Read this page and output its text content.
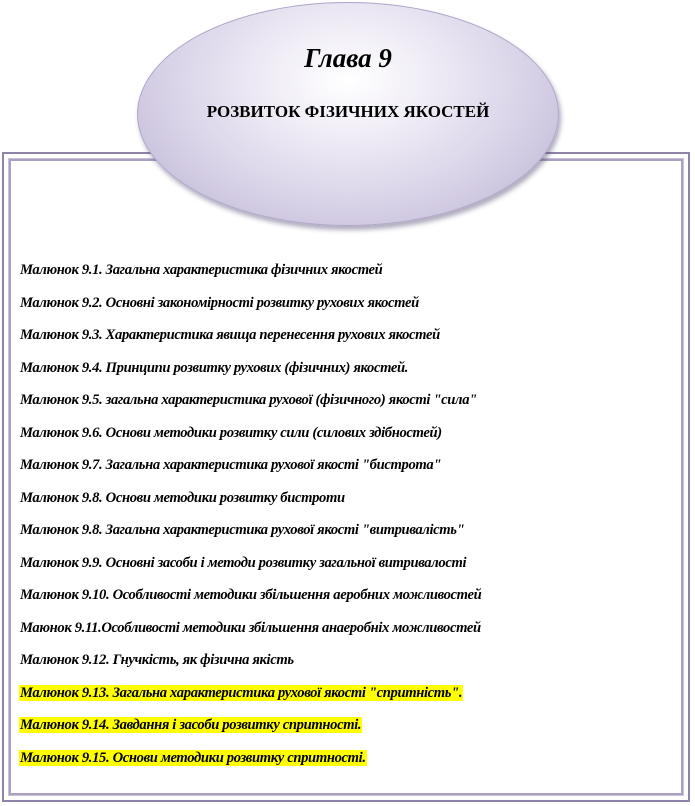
Глава 9
РОЗВИТОК ФІЗИЧНИХ ЯКОСТЕЙ
Малюнок 9.1. Загальна характеристика фізичних якостей
Малюнок 9.2. Основні закономірності розвитку рухових якостей
Малюнок 9.3. Характеристика явища перенесення рухових якостей
Малюнок 9.4. Принципи розвитку рухових (фізичних) якостей.
Малюнок 9.5. загальна характеристика рухової (фізичного) якості "сила"
Малюнок 9.6. Основи методики розвитку сили (силових здібностей)
Малюнок 9.7. Загальна характеристика рухової якості "бистрота"
Малюнок 9.8. Основи методики розвитку бистроти
Малюнок 9.8. Загальна характеристика рухової якості "витривалість"
Малюнок 9.9. Основні засоби і методи розвитку загальної витривалості
Малюнок 9.10. Особливості методики збільшення аеробних можливостей
Маюнок 9.11.Особливості методики збільшення анаеробніх можливостей
Малюнок 9.12. Гнучкість, як фізична якість
Малюнок 9.13. Загальна характеристика рухової якості "спритність".
Малюнок 9.14. Завдання і засоби розвитку спритності.
Малюнок 9.15. Основи методики розвитку спритності.
